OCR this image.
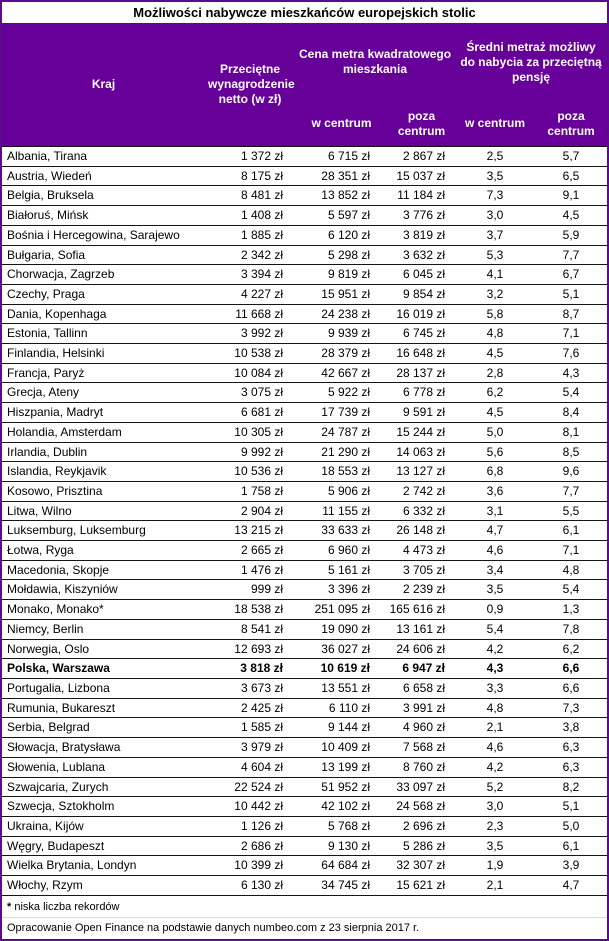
Możliwości nabywcze mieszkańców europejskich stolic
Kraj	Przeciętne wynagrodzenie netto (w zł)	Cena metra kwadratowego mieszkania		Średni metraż możliwy do nabycia za przeciętną pensję	
		w centrum	poza centrum	w centrum	poza centrum
Albania, Tirana	1 372 zł	6 715 zł	2 867 zł	2,5	5,7
Austria, Wiedeń	8 175 zł	28 351 zł	15 037 zł	3,5	6,5
Belgia, Bruksela	8 481 zł	13 852 zł	11 184 zł	7,3	9,1
Białoruś, Mińsk	1 408 zł	5 597 zł	3 776 zł	3,0	4,5
Bośnia i Hercegowina, Sarajewo	1 885 zł	6 120 zł	3 819 zł	3,7	5,9
Bułgaria, Sofia	2 342 zł	5 298 zł	3 632 zł	5,3	7,7
Chorwacja, Zagrzeb	3 394 zł	9 819 zł	6 045 zł	4,1	6,7
Czechy, Praga	4 227 zł	15 951 zł	9 854 zł	3,2	5,1
Dania, Kopenhaga	11 668 zł	24 238 zł	16 019 zł	5,8	8,7
Estonia, Tallinn	3 992 zł	9 939 zł	6 745 zł	4,8	7,1
Finlandia, Helsinki	10 538 zł	28 379 zł	16 648 zł	4,5	7,6
Francja, Paryż	10 084 zł	42 667 zł	28 137 zł	2,8	4,3
Grecja, Ateny	3 075 zł	5 922 zł	6 778 zł	6,2	5,4
Hiszpania, Madryt	6 681 zł	17 739 zł	9 591 zł	4,5	8,4
Holandia, Amsterdam	10 305 zł	24 787 zł	15 244 zł	5,0	8,1
Irlandia, Dublin	9 992 zł	21 290 zł	14 063 zł	5,6	8,5
Islandia, Reykjavik	10 536 zł	18 553 zł	13 127 zł	6,8	9,6
Kosowo, Prisztina	1 758 zł	5 906 zł	2 742 zł	3,6	7,7
Litwa, Wilno	2 904 zł	11 155 zł	6 332 zł	3,1	5,5
Luksemburg, Luksemburg	13 215 zł	33 633 zł	26 148 zł	4,7	6,1
Łotwa, Ryga	2 665 zł	6 960 zł	4 473 zł	4,6	7,1
Macedonia, Skopje	1 476 zł	5 161 zł	3 705 zł	3,4	4,8
Mołdawia, Kiszyniów	999 zł	3 396 zł	2 239 zł	3,5	5,4
Monako, Monako*	18 538 zł	251 095 zł	165 616 zł	0,9	1,3
Niemcy, Berlin	8 541 zł	19 090 zł	13 161 zł	5,4	7,8
Norwegia, Oslo	12 693 zł	36 027 zł	24 606 zł	4,2	6,2
Polska, Warszawa	3 818 zł	10 619 zł	6 947 zł	4,3	6,6
Portugalia, Lizbona	3 673 zł	13 551 zł	6 658 zł	3,3	6,6
Rumunia, Bukareszt	2 425 zł	6 110 zł	3 991 zł	4,8	7,3
Serbia, Belgrad	1 585 zł	9 144 zł	4 960 zł	2,1	3,8
Słowacja, Bratysława	3 979 zł	10 409 zł	7 568 zł	4,6	6,3
Słowenia, Lublana	4 604 zł	13 199 zł	8 760 zł	4,2	6,3
Szwajcaria, Zurych	22 524 zł	51 952 zł	33 097 zł	5,2	8,2
Szwecja, Sztokholm	10 442 zł	42 102 zł	24 568 zł	3,0	5,1
Ukraina, Kijów	1 126 zł	5 768 zł	2 696 zł	2,3	5,0
Węgry, Budapeszt	2 686 zł	9 130 zł	5 286 zł	3,5	6,1
Wielka Brytania, Londyn	10 399 zł	64 684 zł	32 307 zł	1,9	3,9
Włochy, Rzym	6 130 zł	34 745 zł	15 621 zł	2,1	4,7
* niska liczba rekordów
Opracowanie Open Finance na podstawie danych numbeo.com z 23 sierpnia 2017 r.
